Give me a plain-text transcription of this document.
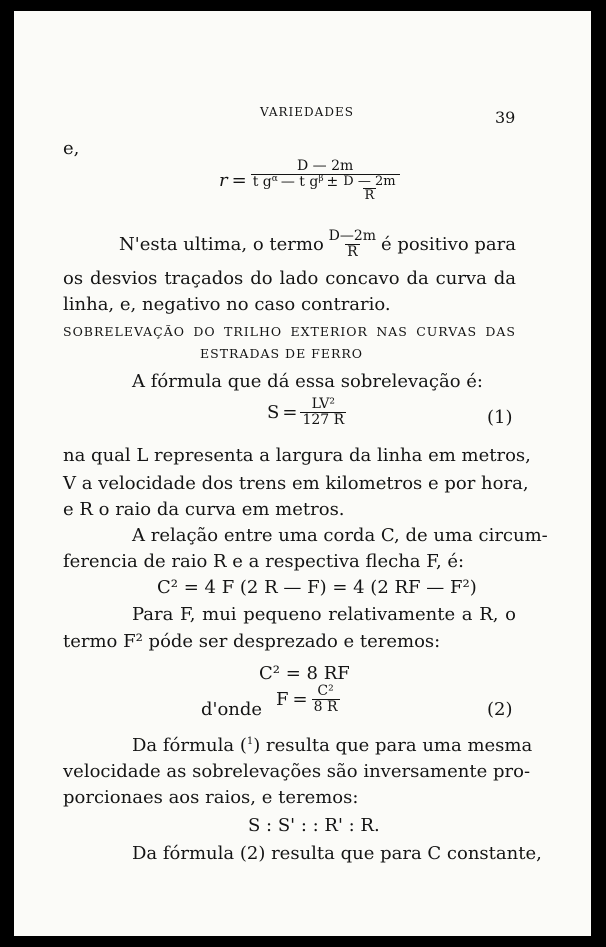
VARIEDADES	39
e,
r =
D — 2m
t g α — t g $\beta \pm \frac{D — 2m}{R}$
N'esta ultima, o termo $\frac{D—2m}{R}$ é positivo para
os desvios traçados do lado concavo da curva da
linha, e, negativo no caso contrario.
SOBRELEVAÇÃO DO TRILHO EXTERIOR NAS CURVAS DAS
ESTRADAS DE FERRO
A fórmula que dá essa sobrelevação é:
$S = \frac{\text{LV²}}{127 R}$	(1)
na qual L representa a largura da linha em metros,
V a velocidade dos trens em kilometros e por hora,
e R o raio da curva em metros.
A relação entre uma corda C, de uma circum-
ferencia de raio R e a respectiva flecha F, é:
C² = 4 F (2 R — F) = 4 (2 RF — F²)
Para F, mui pequeno relativamente a R, o
termo F² póde ser desprezado e teremos:
C² = 8 RF
d'onde $F = \frac{\text{C²}}{8 R}$	(2)
Da fórmula ($^1$ ) resulta que para uma mesma
velocidade as sobrelevações são inversamente pro-
porcionaes aos raios, e teremos:
S : S' : : R' : R.
Da fórmula (2) resulta que para C constante,
